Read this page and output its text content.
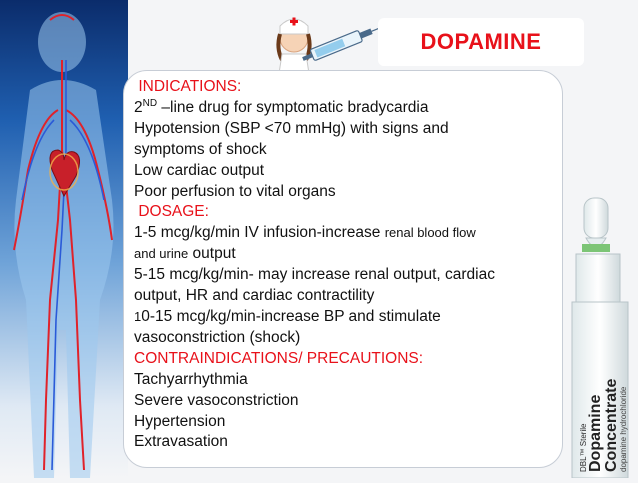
DOPAMINE
INDICATIONS:
2ND –line drug for symptomatic bradycardia
Hypotension (SBP <70 mmHg) with signs and
symptoms of shock
Low cardiac output
Poor perfusion to vital organs
DOSAGE:
1-5 mcg/kg/min IV infusion-increase renal blood flow
and urine output
5-15 mcg/kg/min- may increase renal output, cardiac
output, HR and cardiac contractility
10-15 mcg/kg/min-increase BP and stimulate
vasoconstriction (shock)
CONTRAINDICATIONS/ PRECAUTIONS:
Tachyarrhythmia
Severe vasoconstriction
Hypertension
Extravasation	DBL™ Sterile Dopamine Concentrate dopamine hydrochloride
